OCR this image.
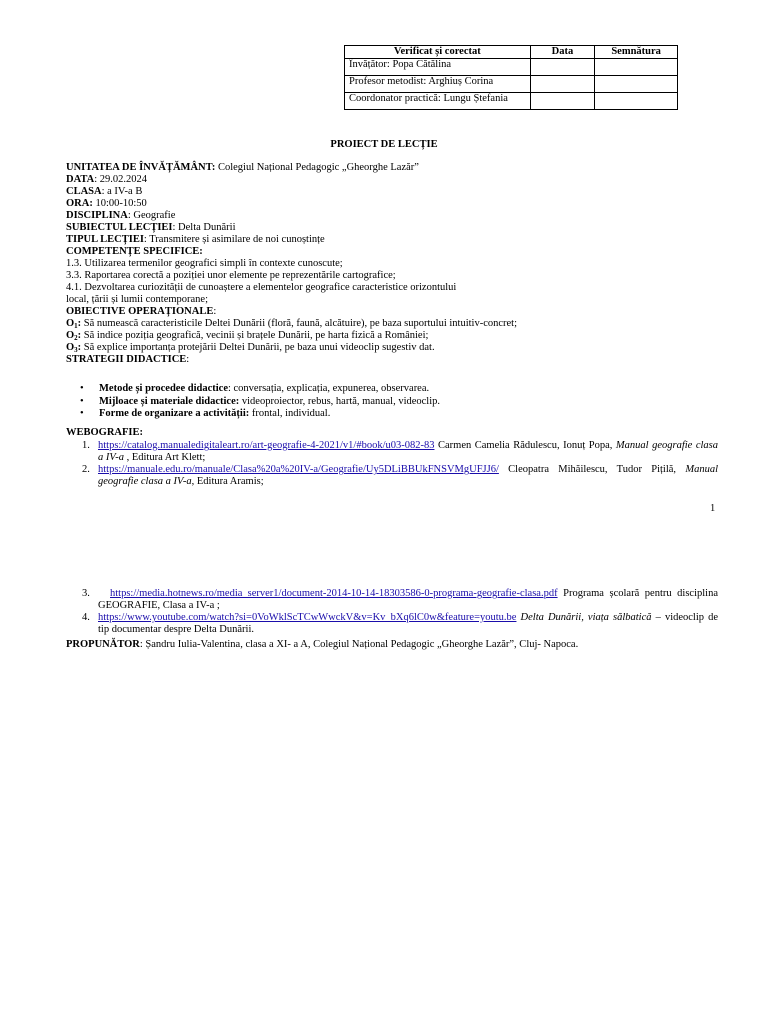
Verificat și corectat	Data	Semnătura
Învățător: Popa Cătălina		
Profesor metodist: Arghiuș Corina		
Coordonator practică: Lungu Ștefania		
PROIECT DE LECȚIE
UNITATEA DE ÎNVĂȚĂMÂNT: Colegiul Național Pedagogic „Gheorghe Lazăr”
DATA: 29.02.2024
CLASA: a IV-a B
ORA: 10:00-10:50
DISCIPLINA: Geografie
SUBIECTUL LECȚIEI: Delta Dunării
TIPUL LECȚIEI: Transmitere și asimilare de noi cunoștințe
COMPETENȚE SPECIFICE:
1.3. Utilizarea termenilor geografici simpli în contexte cunoscute;
3.3. Raportarea corectă a poziției unor elemente pe reprezentările cartografice;
4.1. Dezvoltarea curiozității de cunoaștere a elementelor geografice caracteristice orizontului
local, țării și lumii contemporane;
OBIECTIVE OPERAȚIONALE:
$O_1$: Să numească caracteristicile Deltei Dunării (floră, faună, alcătuire), pe baza suportului intuitiv-concret;
$O_2$: Să indice poziția geografică, vecinii și brațele Dunării, pe harta fizică a României;
$O_3$: Să explice importanța protejării Deltei Dunării, pe baza unui videoclip sugestiv dat.
STRATEGII DIDACTICE:
• Metode și procedee didactice: conversația, explicația, expunerea, observarea.
• Mijloace și materiale didactice: videoproiector, rebus, hartă, manual, videoclip.
• Forme de organizare a activității: frontal, individual.
WEBOGRAFIE:
1. https://catalog.manualedigitaleart.ro/art-geografie-4-2021/v1/#book/u03-082-83 Carmen Camelia Rădulescu, Ionuț Popa, Manual geografie clasa a IV-a , Editura Art Klett;
2. https://manuale.edu.ro/manuale/Clasa%20a%20IV-a/Geografie/Uy5DLiBBUkFNSVMgUFJJ6/ Cleopatra Mihăilescu, Tudor Pițilă, Manual geografie clasa a IV-a, Editura Aramis;
1
3. https://media.hotnews.ro/media_server1/document-2014-10-14-18303586-0-programa-geografie-clasa.pdf Programa școlară pentru disciplina GEOGRAFIE, Clasa a IV-a ;
4. https://www.youtube.com/watch?si=0VoWklScTCwWwckV&v=Kv_bXq6lC0w&feature=youtu.be Delta Dunării, viața sălbatică – videoclip de tip documentar despre Delta Dunării.
PROPUNĂTOR: Șandru Iulia-Valentina, clasa a XI- a A, Colegiul Național Pedagogic „Gheorghe Lazăr”, Cluj- Napoca.
